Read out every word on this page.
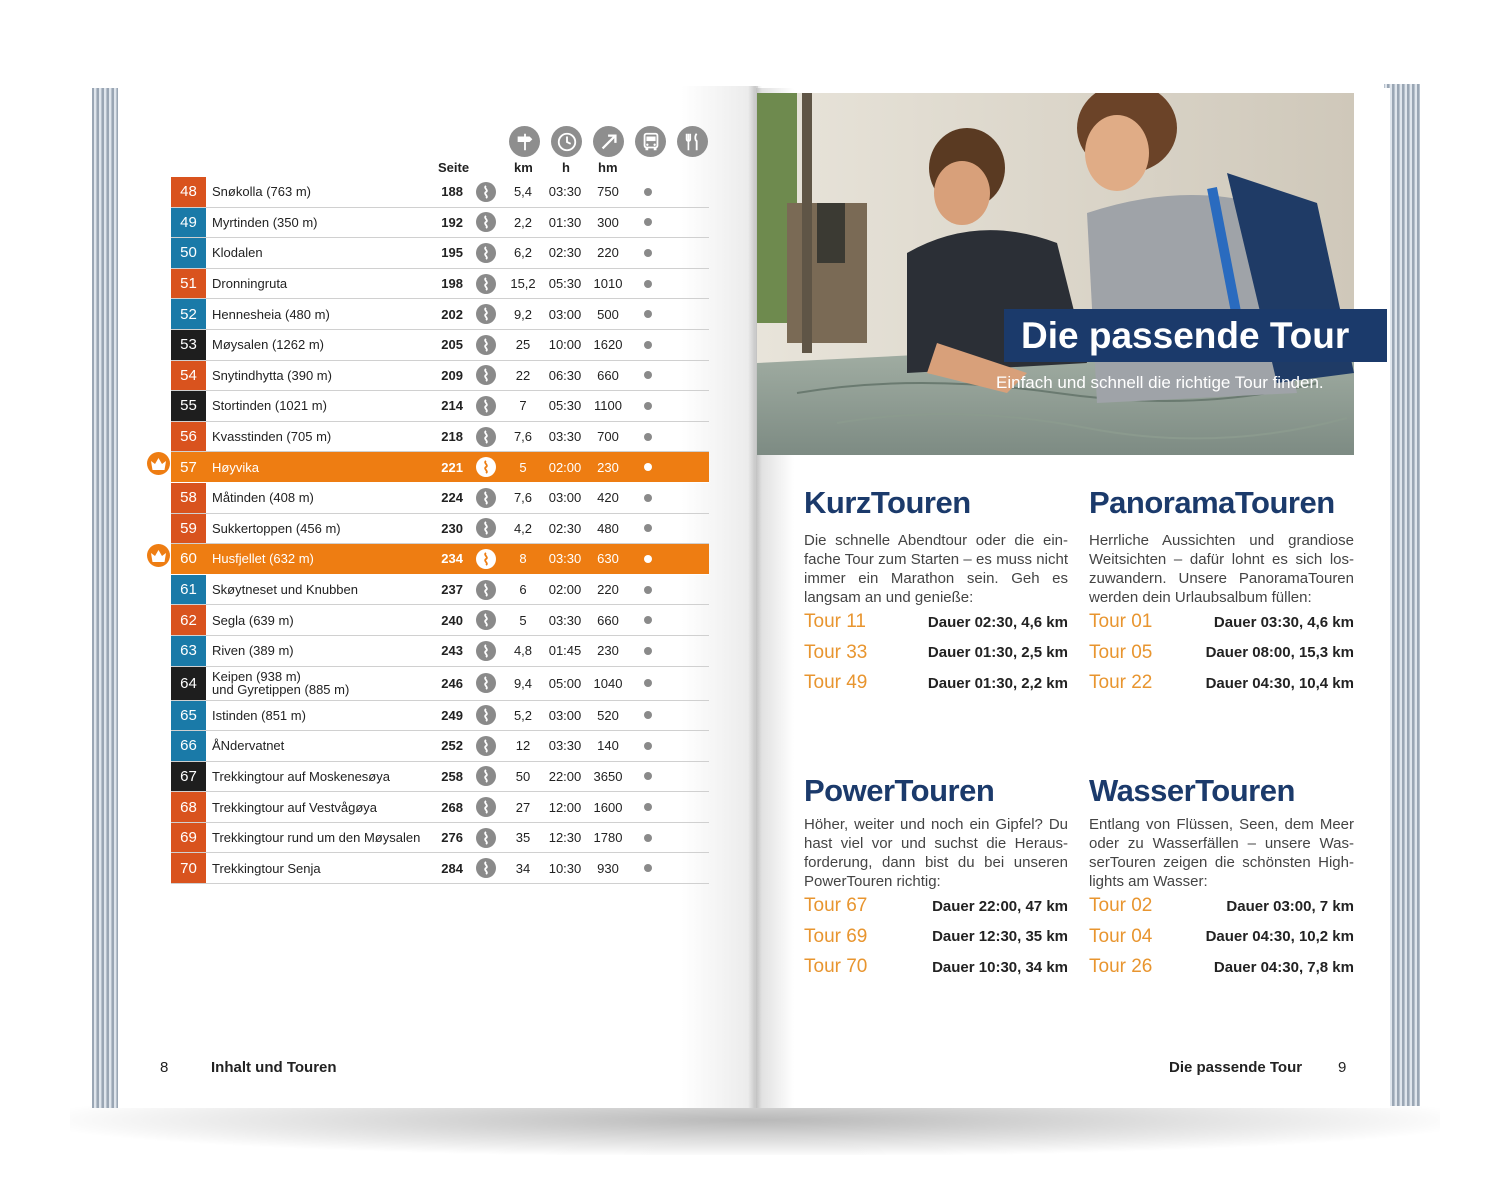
Seite	km h hm
48	Snøkolla (763 m)	188	5,4	03:30	750
49	Myrtinden (350 m)	192	2,2	01:30	300
50	Klodalen	195	6,2	02:30	220
51	Dronningruta	198	15,2	05:30 1010
52	Hennesheia (480 m)	202	9,2	03:00	500
53	Møysalen (1262 m)	205	25	10:00 1620
54	Snytindhytta (390 m)	209	22	06:30	660
55	Stortinden (1021 m)	214	7	05:30 1100
56	Kvasstinden (705 m)	218	7,6	03:30	700
57	Høyvika	221	5	02:00	230
58	Måtinden (408 m)	224	7,6	03:00	420
59	Sukkertoppen (456 m)	230	4,2	02:30	480
60	Husfjellet (632 m)	234	8	03:30	630
61	Skøytneset und Knubben	237	6	02:00	220
62	Segla (639 m)	240	5	03:30	660
63	Riven (389 m)	243	4,8	01:45	230
64	Keipen (938 m)
und Gyretippen (885 m)	246	9,4	05:00 1040
65	Istinden (851 m)	249	5,2	03:00	520
66	ÅNdervatnet	252	12	03:30	140
67	Trekkingtour auf Moskenesøya	258	50	22:00 3650
68	Trekkingtour auf Vestvågøya	268	27	12:00 1600
69	Trekkingtour rund um den Møysalen	276	35	12:30 1780
70	Trekkingtour Senja	284	34	10:30	930
8	Inhalt und Touren
Die passende Tour
Einfach und schnell die richtige Tour finden.
KurzTouren

Die schnelle Abendtour oder die ein-fache Tour zum Starten – es muss nicht immer ein Marathon sein. Geh es langsam an und genieße:

Tour 11	Dauer 02:30, 4,6 km
Tour 33	Dauer 01:30, 2,5 km
Tour 49	Dauer 01:30, 2,2 km
PanoramaTouren

Herrliche Aussichten und grandiose Weitsichten – dafür lohnt es sich los-zuwandern. Unsere PanoramaTouren werden dein Urlaubsalbum füllen:

Tour 01	Dauer 03:30, 4,6 km
Tour 05	Dauer 08:00, 15,3 km
Tour 22	Dauer 04:30, 10,4 km
PowerTouren

Höher, weiter und noch ein Gipfel? Du hast viel vor und suchst die Heraus-forderung, dann bist du bei unseren PowerTouren richtig:

Tour 67	Dauer 22:00, 47 km
Tour 69	Dauer 12:30, 35 km
Tour 70	Dauer 10:30, 34 km
WasserTouren

Entlang von Flüssen, Seen, dem Meer oder zu Wasserfällen – unsere Was-serTouren zeigen die schönsten High-lights am Wasser:

Tour 02	Dauer 03:00, 7 km
Tour 04	Dauer 04:30, 10,2 km
Tour 26	Dauer 04:30, 7,8 km
Die passende Tour 9
